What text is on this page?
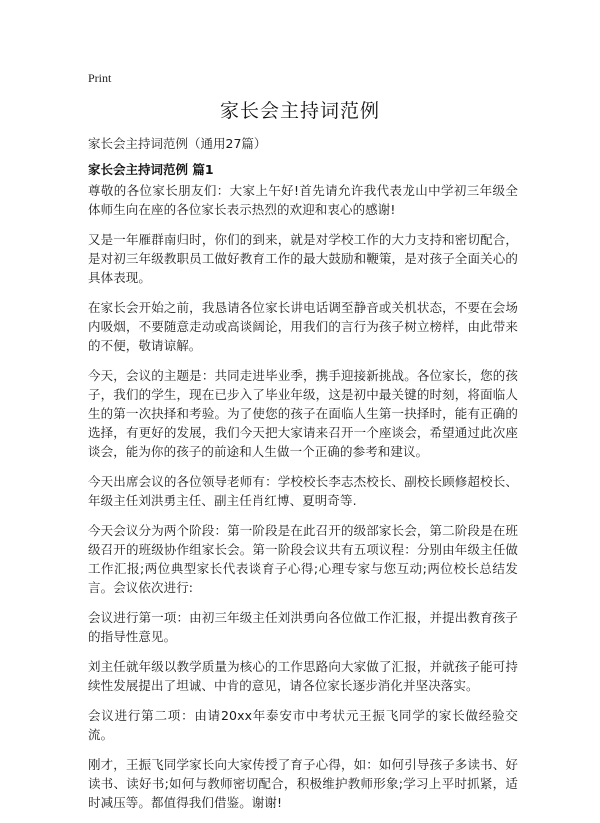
Print
家长会主持词范例
家长会主持词范例（通用27篇）
家长会主持词范例 篇1

尊敬的各位家长朋友们：大家上午好!首先请允许我代表龙山中学初三年级全体师生向在座的各位家长表示热烈的欢迎和衷心的感谢!

又是一年雁群南归时，你们的到来，就是对学校工作的大力支持和密切配合，是对初三年级教职员工做好教育工作的最大鼓励和鞭策，是对孩子全面关心的具体表现。

在家长会开始之前，我恳请各位家长讲电话调至静音或关机状态，不要在会场内吸烟，不要随意走动或高谈阔论，用我们的言行为孩子树立榜样，由此带来的不便，敬请谅解。

今天，会议的主题是：共同走进毕业季，携手迎接新挑战。各位家长，您的孩子，我们的学生，现在已步入了毕业年级，这是初中最关键的时刻，将面临人生的第一次抉择和考验。为了使您的孩子在面临人生第一抉择时，能有正确的选择，有更好的发展，我们今天把大家请来召开一个座谈会，希望通过此次座谈会，能为你的孩子的前途和人生做一个正确的参考和建议。

今天出席会议的各位领导老师有：学校校长李志杰校长、副校长顾修超校长、年级主任刘洪勇主任、副主任肖红博、夏明奇等.

今天会议分为两个阶段：第一阶段是在此召开的级部家长会，第二阶段是在班级召开的班级协作组家长会。第一阶段会议共有五项议程：分别由年级主任做工作汇报;两位典型家长代表谈育子心得;心理专家与您互动;两位校长总结发言。会议依次进行:

会议进行第一项：由初三年级主任刘洪勇向各位做工作汇报，并提出教育孩子的指导性意见。

刘主任就年级以教学质量为核心的工作思路向大家做了汇报，并就孩子能可持续性发展提出了坦诚、中肯的意见，请各位家长逐步消化并坚决落实。

会议进行第二项：由请20xx年泰安市中考状元王振飞同学的家长做经验交流。

刚才，王振飞同学家长向大家传授了育子心得，如：如何引导孩子多读书、好读书、读好书;如何与教师密切配合，积极维护教师形象;学习上平时抓紧，适时减压等。都值得我们借鉴。谢谢!
